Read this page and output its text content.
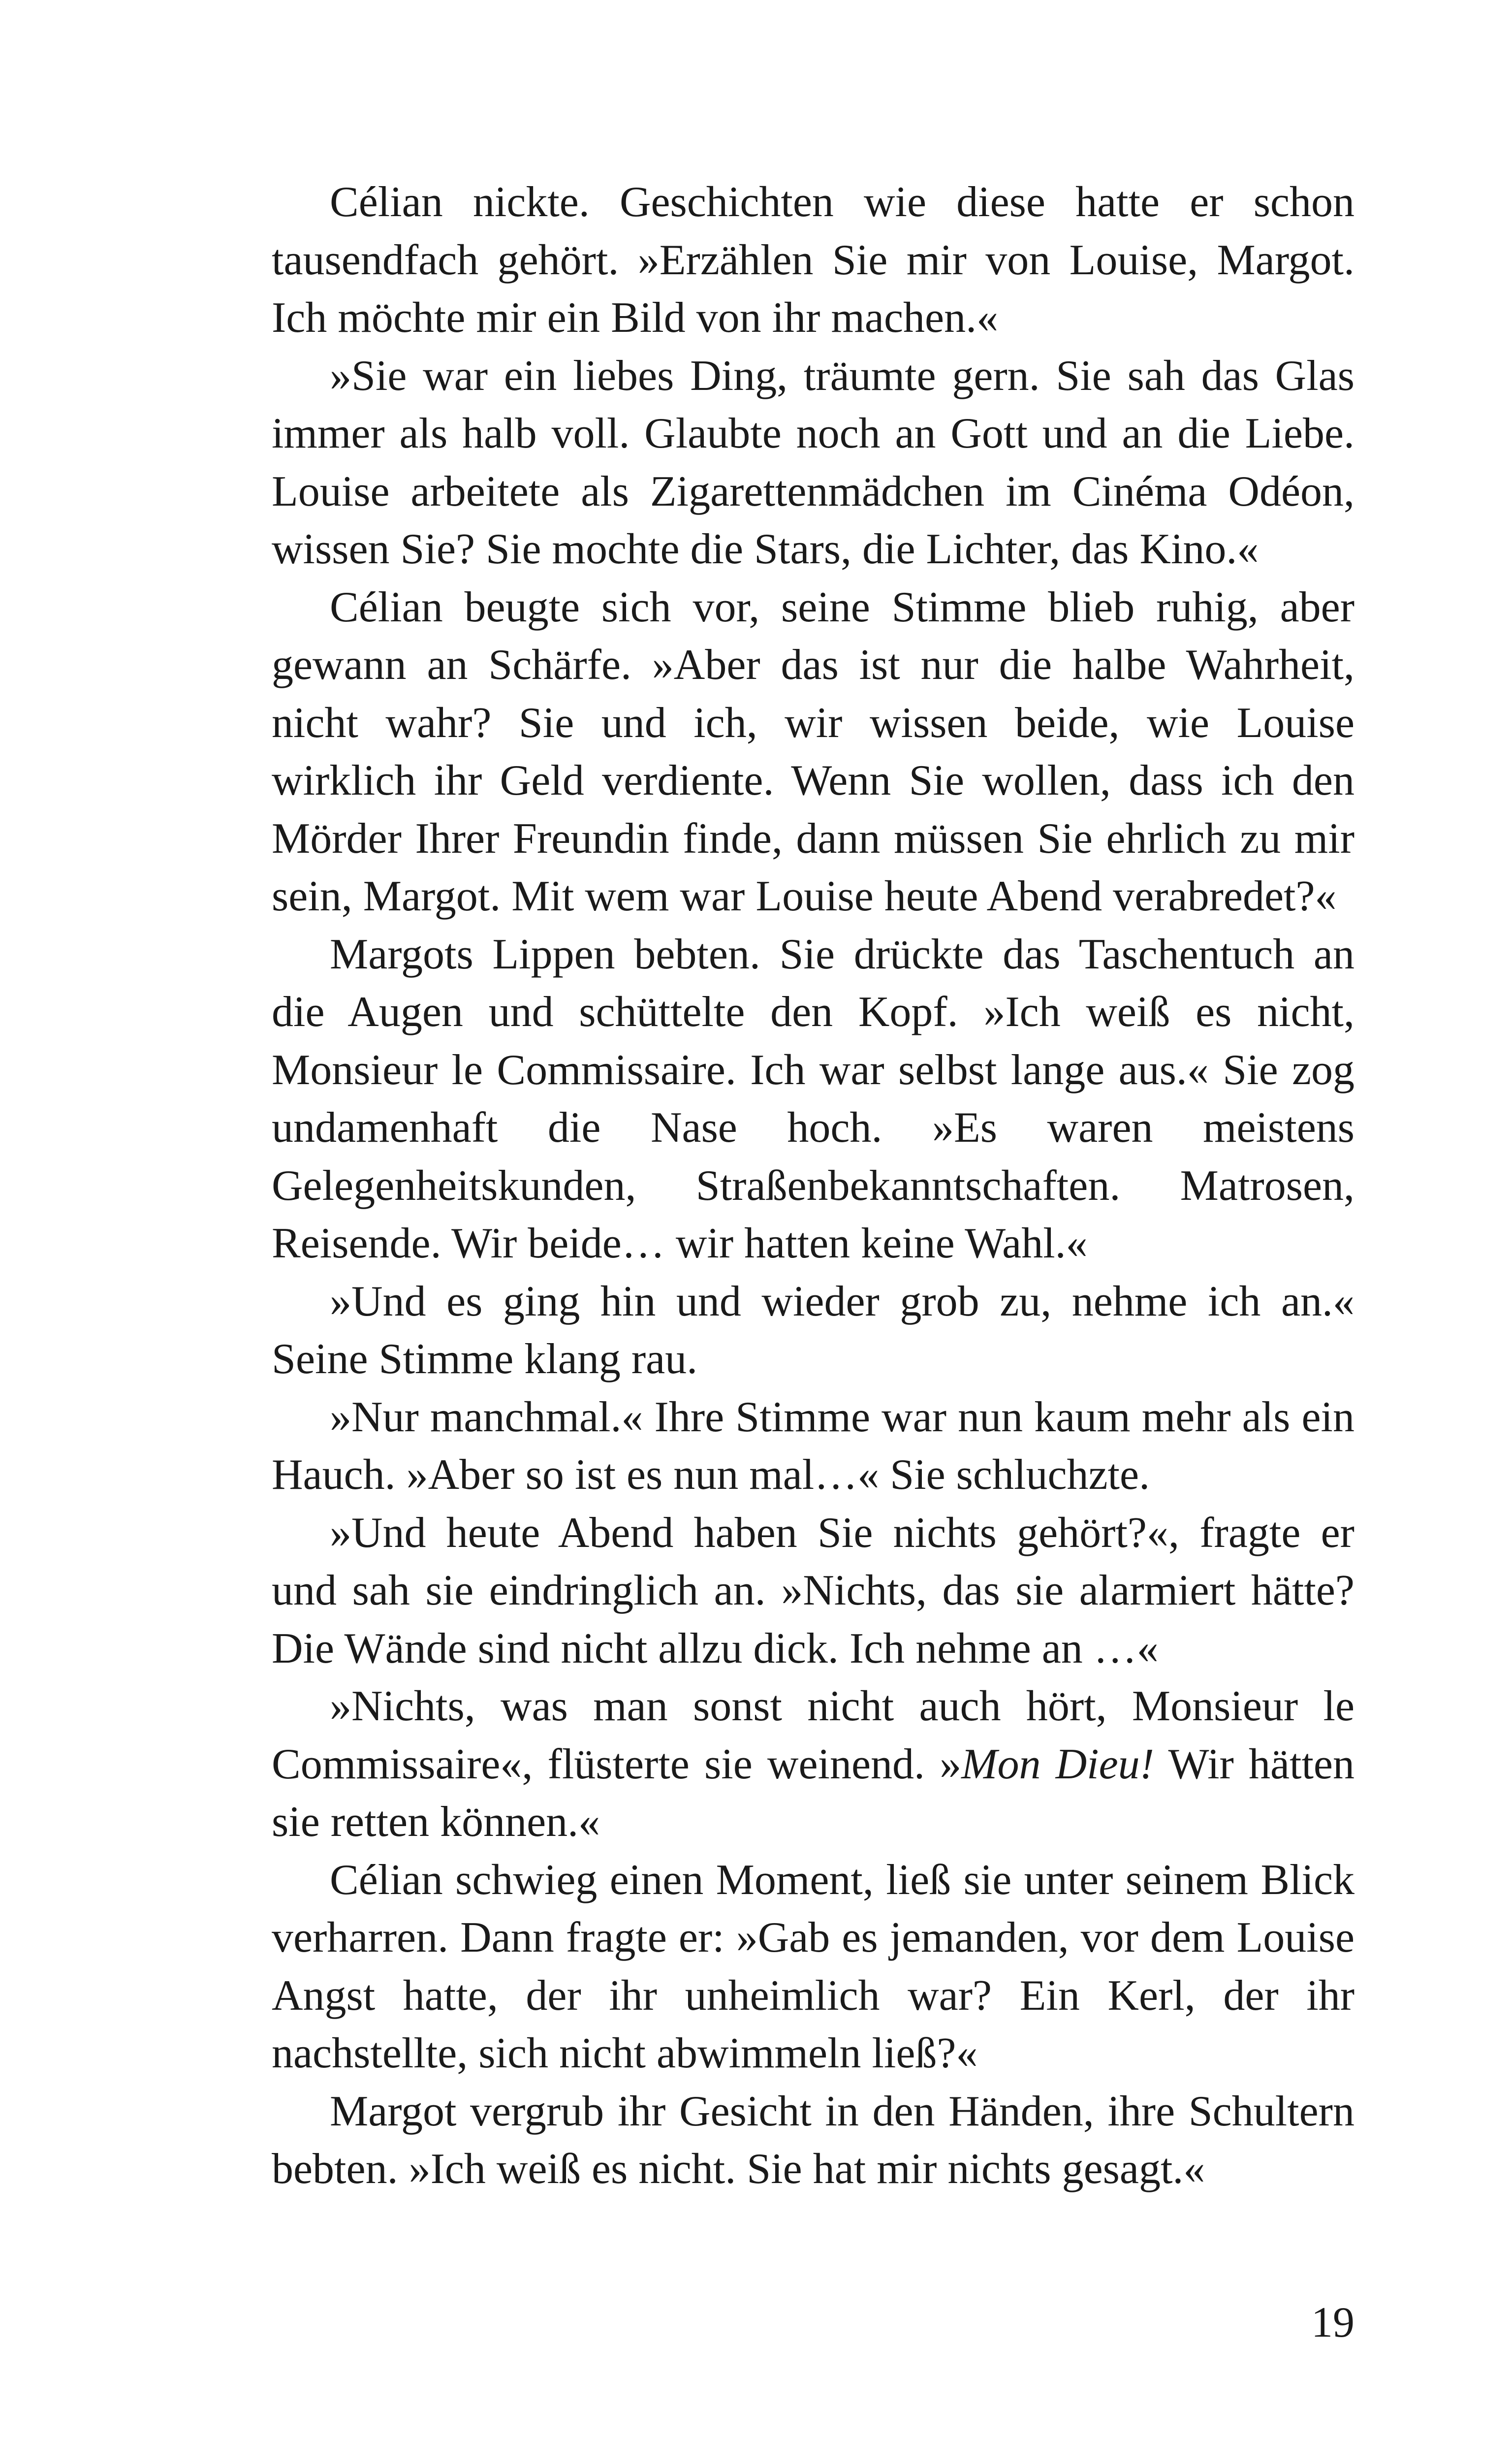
Célian nickte. Geschichten wie diese hatte er schon tausendfach gehört. »Erzählen Sie mir von Louise, Margot. Ich möchte mir ein Bild von ihr machen.«

»Sie war ein liebes Ding, träumte gern. Sie sah das Glas immer als halb voll. Glaubte noch an Gott und an die Liebe. Louise arbeitete als Zigarettenmädchen im Cinéma Odéon, wissen Sie? Sie mochte die Stars, die Lichter, das Kino.«

Célian beugte sich vor, seine Stimme blieb ruhig, aber gewann an Schärfe. »Aber das ist nur die halbe Wahrheit, nicht wahr? Sie und ich, wir wissen beide, wie Louise wirklich ihr Geld verdiente. Wenn Sie wollen, dass ich den Mörder Ihrer Freundin finde, dann müssen Sie ehrlich zu mir sein, Margot. Mit wem war Louise heute Abend verabredet?«

Margots Lippen bebten. Sie drückte das Taschentuch an die Augen und schüttelte den Kopf. »Ich weiß es nicht, Monsieur le Commissaire. Ich war selbst lange aus.« Sie zog undamenhaft die Nase hoch. »Es waren meistens Gelegenheitskunden, Straßenbekanntschaften. Matrosen, Reisende. Wir beide… wir hatten keine Wahl.«

»Und es ging hin und wieder grob zu, nehme ich an.« Seine Stimme klang rau.

»Nur manchmal.« Ihre Stimme war nun kaum mehr als ein Hauch. »Aber so ist es nun mal…« Sie schluchzte.

»Und heute Abend haben Sie nichts gehört?«, fragte er und sah sie eindringlich an. »Nichts, das sie alarmiert hätte? Die Wände sind nicht allzu dick. Ich nehme an …«

»Nichts, was man sonst nicht auch hört, Monsieur le Commissaire«, flüsterte sie weinend. »Mon Dieu! Wir hätten sie retten können.«

Célian schwieg einen Moment, ließ sie unter seinem Blick verharren. Dann fragte er: »Gab es jemanden, vor dem Louise Angst hatte, der ihr unheimlich war? Ein Kerl, der ihr nachstellte, sich nicht abwimmeln ließ?«

Margot vergrub ihr Gesicht in den Händen, ihre Schultern bebten. »Ich weiß es nicht. Sie hat mir nichts gesagt.«

19
